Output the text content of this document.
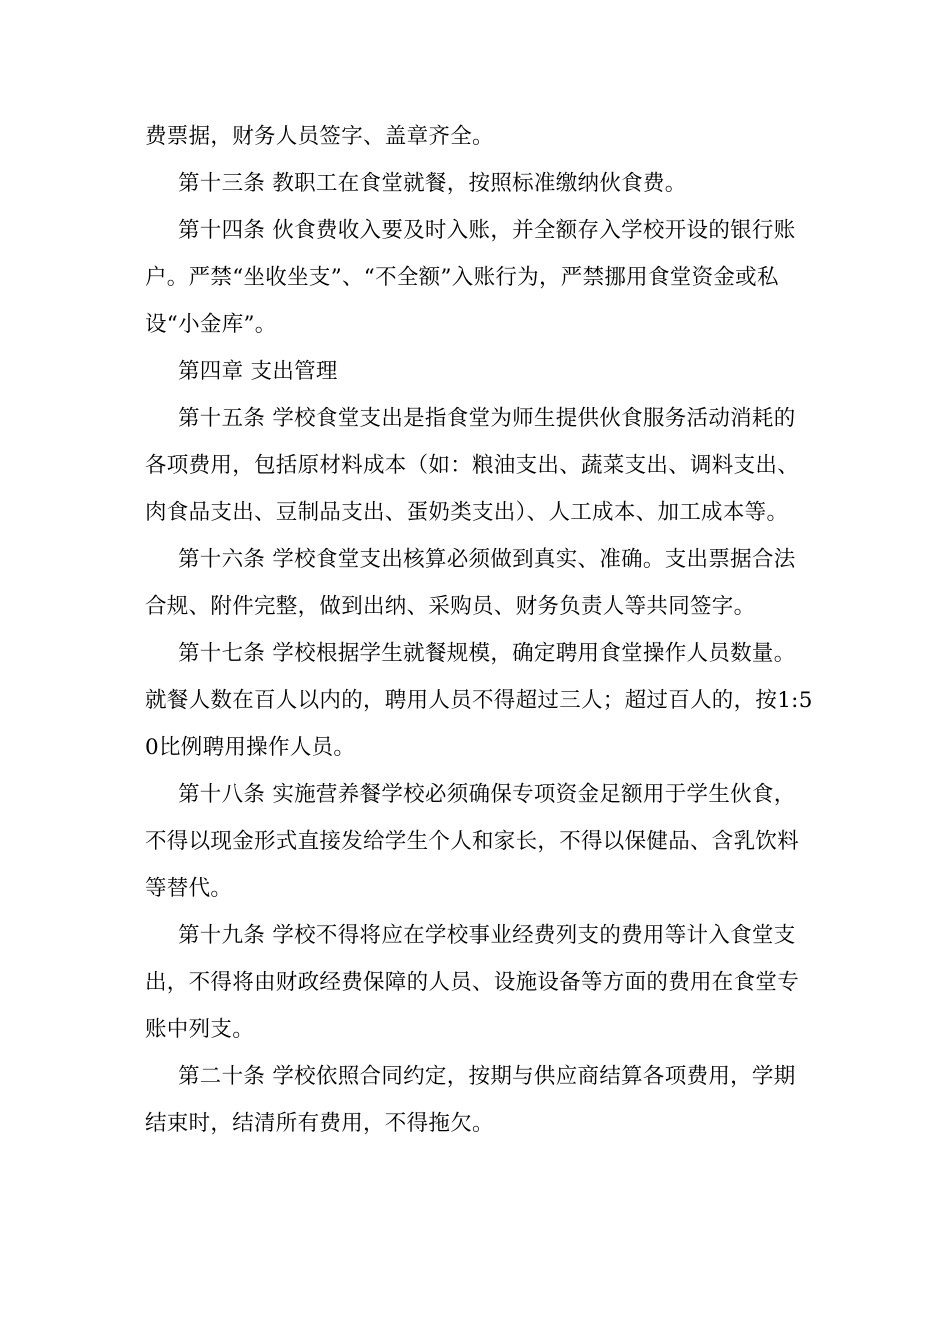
费票据，财务人员签字、盖章齐全。

第十三条 教职工在食堂就餐，按照标准缴纳伙食费。

第十四条 伙食费收入要及时入账，并全额存入学校开设的银行账户。严禁“坐收坐支”、“不全额”入账行为，严禁挪用食堂资金或私设“小金库”。

第四章 支出管理

第十五条 学校食堂支出是指食堂为师生提供伙食服务活动消耗的各项费用，包括原材料成本（如：粮油支出、蔬菜支出、调料支出、肉食品支出、豆制品支出、蛋奶类支出）、人工成本、加工成本等。

第十六条 学校食堂支出核算必须做到真实、准确。支出票据合法合规、附件完整，做到出纳、采购员、财务负责人等共同签字。

第十七条 学校根据学生就餐规模，确定聘用食堂操作人员数量。就餐人数在百人以内的，聘用人员不得超过三人；超过百人的，按1:50比例聘用操作人员。

第十八条 实施营养餐学校必须确保专项资金足额用于学生伙食，不得以现金形式直接发给学生个人和家长，不得以保健品、含乳饮料等替代。

第十九条 学校不得将应在学校事业经费列支的费用等计入食堂支出，不得将由财政经费保障的人员、设施设备等方面的费用在食堂专账中列支。

第二十条 学校依照合同约定，按期与供应商结算各项费用，学期结束时，结清所有费用，不得拖欠。
